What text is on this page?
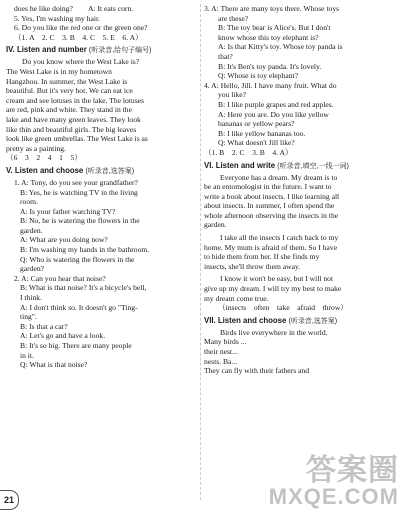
does he like doing?　　A: It eats corn.
5. Yes, I'm washing my hair.
6. Do you like the red one or the green one?
（1. A　2. C　3. B　4. C　5. E　6. A）
IV. Listen and number (听录音,给句子编号)
Do you know where the West Lake is?
The West Lake is in my hometown
Hangzhou. In summer, the West Lake is
beautiful. But it's very hot. We can eat ice
cream and see lotuses in the lake. The lotuses
are red, pink and white. They stand in the
lake and have many green leaves. They look
like thin and beautiful girls. The big leaves
look like green umbrellas. The West Lake is as
pretty as a painting.
（6　3　2　4　1　5）
V. Listen and choose (听录音,选答案)
1. A: Tony, do you see your grandfather?
B: Yes, he is watching TV in the living
room.
A: Is your father watching TV?
B: No, he is watering the flowers in the
garden.
A: What are you doing now?
B: I'm washing my hands in the bathroom.
Q: Who is watering the flowers in the
garden?
2. A: Can you hear that noise?
B: What is that noise? It's a bicycle's bell,
I think.
A: I don't think so. It doesn't go "Ting-
ting".
B: Is that a car?
A: Let's go and have a look.
B: It's so big. There are many people
in it.
Q: What is that noise?
3. A: There are many toys there. Whose toys
are these?
B: The toy bear is Alice's. But I don't
know whose this toy elephant is?
A: Is that Kitty's toy. Whose toy panda is
that?
B: It's Ben's toy panda. It's lovely.
Q: Whose is toy elephant?
4. A: Hello, Jill. I have many fruit. What do
you like?
B: I like purple grapes and red apples.
A: Here you are. Do you like yellow
bananas or yellow pears?
B: I like yellow bananas too.
Q: What doesn't Jill like?
（1. B　2. C　3. B　4. A）
VI. Listen and write (听录音,填空,一线一词)
Everyone has a dream. My dream is to
be an entomologist in the future. I want to
write a book about insects. I like learning all
about insects. In summer, I often spend the
whole afternoon observing the insects in the
garden.
I take all the insects I catch back to my
home. My mum is afraid of them. So I have
to hide them from her. If she finds my
insects, she'll throw them away.
I know it won't be easy, but I will not
give up my dream. I will try my best to make
my dream come true.
（insects　often　take　afraid　throw）
VII. Listen and choose (听录音,选答案)
Birds live everywhere in the world.
Many birds ...
their nest...
nests. Ba...
They can fly with their fathers and
21
答案圈
MXQE.COM
